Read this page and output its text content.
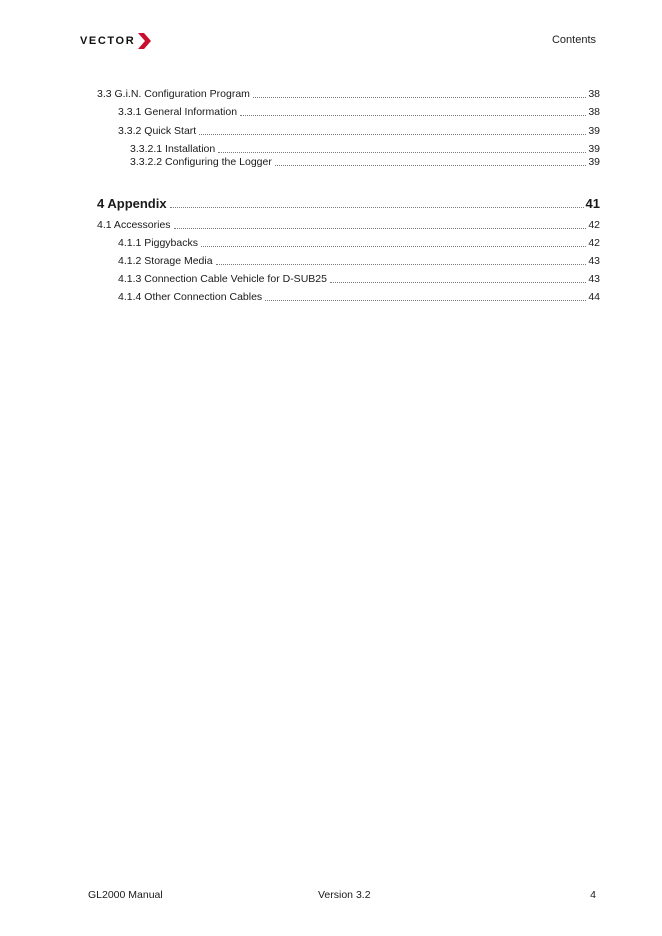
VECTOR	Contents
3.3 G.i.N. Configuration Program	38
3.3.1 General Information	38
3.3.2 Quick Start	39
3.3.2.1 Installation	39
3.3.2.2 Configuring the Logger	39
4 Appendix	41
4.1 Accessories	42
4.1.1 Piggybacks	42
4.1.2 Storage Media	43
4.1.3 Connection Cable Vehicle for D-SUB25	43
4.1.4 Other Connection Cables	44
GL2000 Manual	Version 3.2	4
